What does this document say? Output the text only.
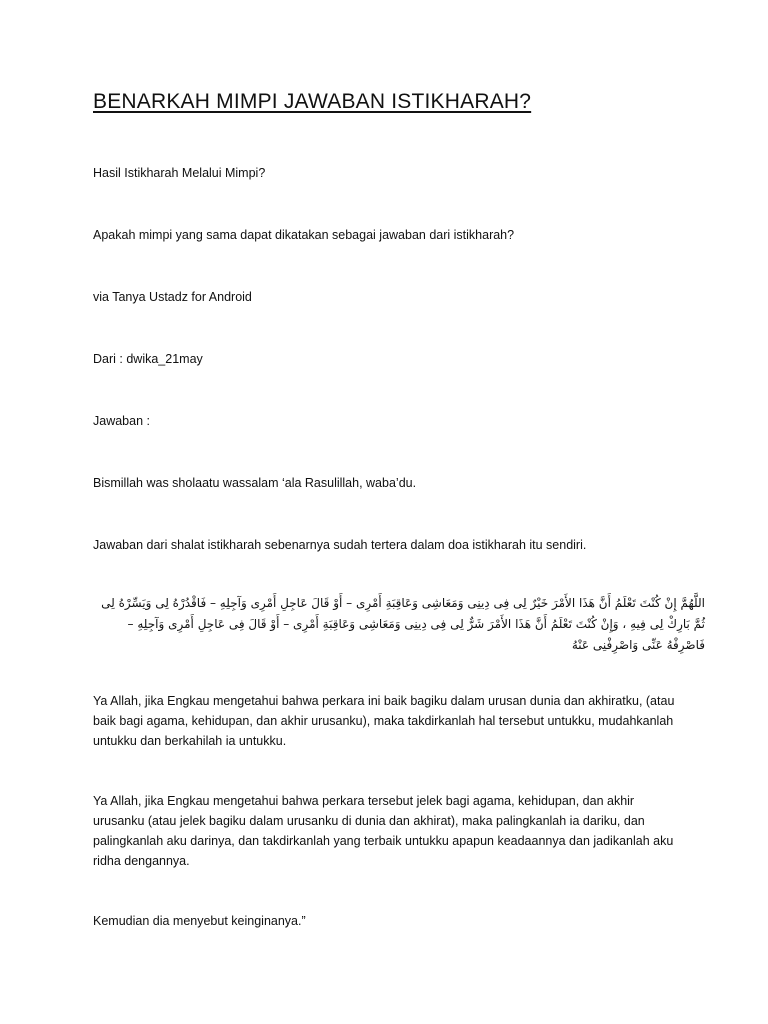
BENARKAH MIMPI JAWABAN ISTIKHARAH?

Hasil Istikharah Melalui Mimpi?

Apakah mimpi yang sama dapat dikatakan sebagai jawaban dari istikharah?

via Tanya Ustadz for Android

Dari : dwika_21may

Jawaban :

Bismillah was sholaatu wassalam ‘ala Rasulillah, waba’du.

Jawaban dari shalat istikharah sebenarnya sudah tertera dalam doa istikharah itu sendiri.

اللَّهُمَّ إِنْ كُنْتَ تَعْلَمُ أَنَّ هَذَا الأَمْرَ خَيْرٌ لِى فِى دِينِى وَمَعَاشِى وَعَاقِبَةِ أَمْرِى – أَوْ قَالَ عَاجِلِ أَمْرِى وَآجِلِهِ – فَاقْدُرْهُ لِى وَيَسِّرْهُ لِى ثُمَّ بَارِكْ لِى فِيهِ ، وَإِنْ كُنْتَ تَعْلَمُ أَنَّ هَذَا الأَمْرَ شَرٌّ لِى فِى دِينِى وَمَعَاشِى وَعَاقِبَةِ أَمْرِى – أَوْ قَالَ فِى عَاجِلِ أَمْرِى وَآجِلِهِ – فَاصْرِفْهُ عَنِّى وَاصْرِفْنِى عَنْهُ

Ya Allah, jika Engkau mengetahui bahwa perkara ini baik bagiku dalam urusan dunia dan akhiratku, (atau baik bagi agama, kehidupan, dan akhir urusanku), maka takdirkanlah hal tersebut untukku, mudahkanlah untukku dan berkahilah ia untukku.

Ya Allah, jika Engkau mengetahui bahwa perkara tersebut jelek bagi agama, kehidupan, dan akhir urusanku (atau jelek bagiku dalam urusanku di dunia dan akhirat), maka palingkanlah ia dariku, dan palingkanlah aku darinya, dan takdirkanlah yang terbaik untukku apapun keadaannya dan jadikanlah aku ridha dengannya.

Kemudian dia menyebut keinginanya.”
